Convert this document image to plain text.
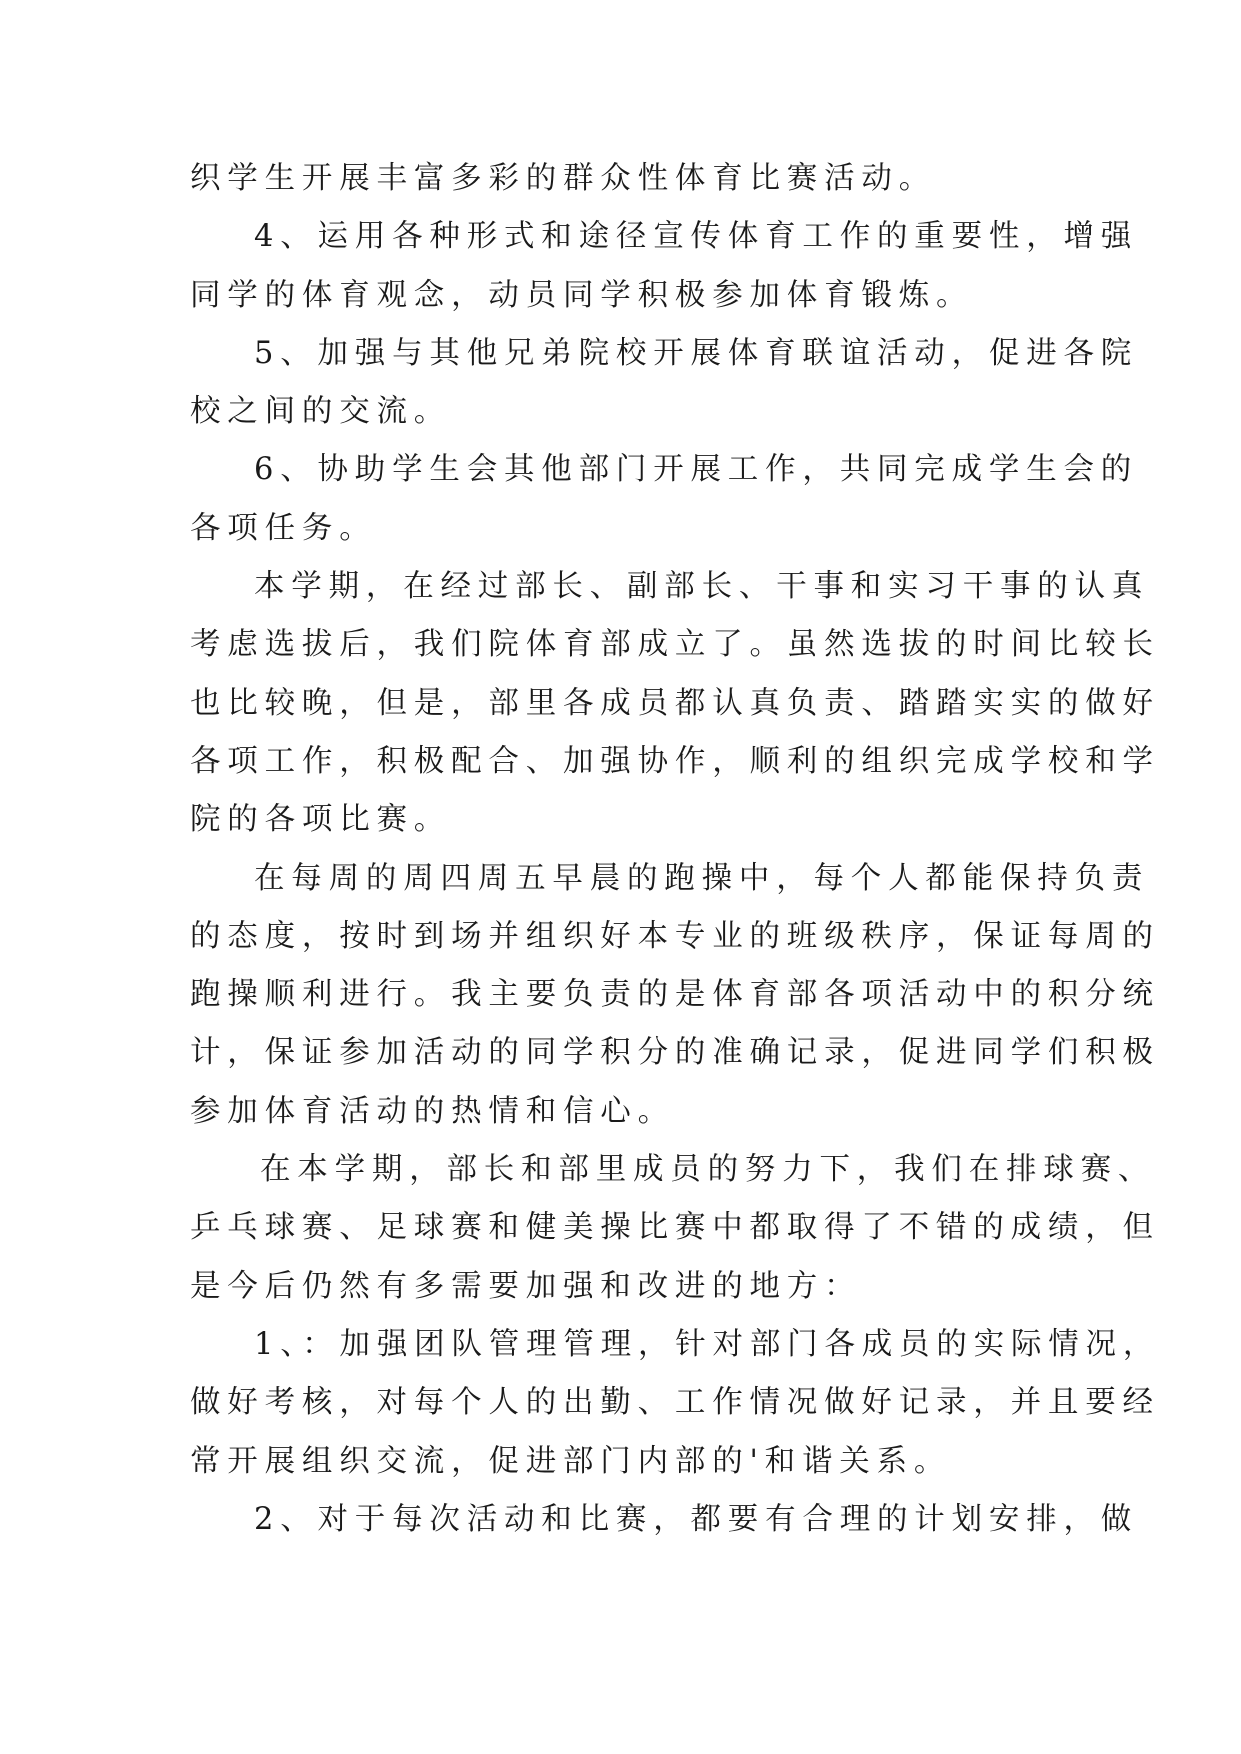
织学生开展丰富多彩的群众性体育比赛活动。

4、运用各种形式和途径宣传体育工作的重要性，增强

同学的体育观念，动员同学积极参加体育锻炼。

5、加强与其他兄弟院校开展体育联谊活动，促进各院

校之间的交流。

6、协助学生会其他部门开展工作，共同完成学生会的

各项任务。

本学期，在经过部长、副部长、干事和实习干事的认真

考虑选拔后，我们院体育部成立了。虽然选拔的时间比较长

也比较晚，但是，部里各成员都认真负责、踏踏实实的做好

各项工作，积极配合、加强协作，顺利的组织完成学校和学

院的各项比赛。

在每周的周四周五早晨的跑操中，每个人都能保持负责

的态度，按时到场并组织好本专业的班级秩序，保证每周的

跑操顺利进行。我主要负责的是体育部各项活动中的积分统

计，保证参加活动的同学积分的准确记录，促进同学们积极

参加体育活动的热情和信心。

在本学期，部长和部里成员的努力下，我们在排球赛、

乒乓球赛、足球赛和健美操比赛中都取得了不错的成绩，但

是今后仍然有多需要加强和改进的地方：

1、：加强团队管理管理，针对部门各成员的实际情况，

做好考核，对每个人的出勤、工作情况做好记录，并且要经

常开展组织交流，促进部门内部的'和谐关系。

2、对于每次活动和比赛，都要有合理的计划安排，做
